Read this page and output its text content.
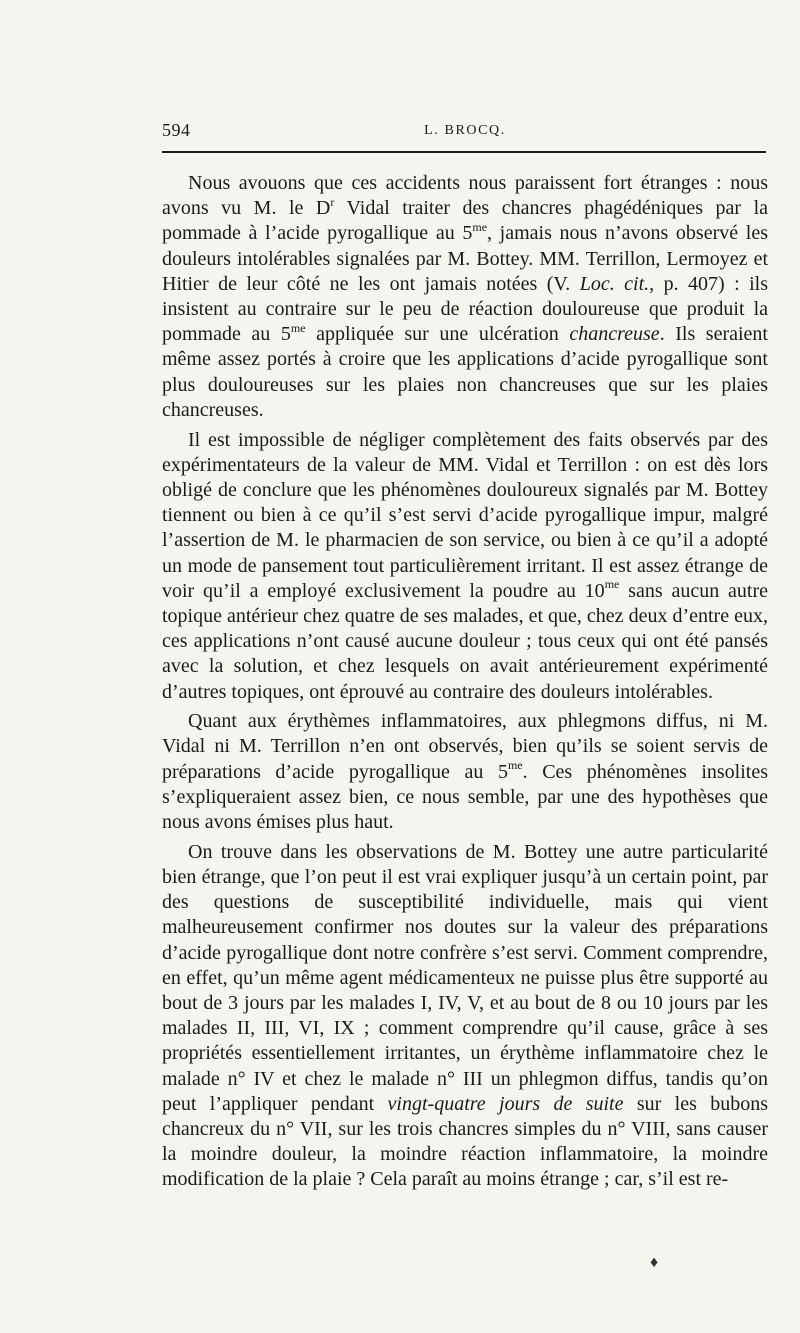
594	L. BROCQ.

Nous avouons que ces accidents nous paraissent fort étranges : nous avons vu M. le $D^r$ Vidal traiter des chancres phagédéniques par la pommade à l’acide pyrogallique au $5^{me}$, jamais nous n’avons observé les douleurs intolérables signalées par M. Bottey. MM. Terrillon, Lermoyez et Hitier de leur côté ne les ont jamais notées (V. Loc. cit., p. 407) : ils insistent au contraire sur le peu de réaction douloureuse que produit la pommade au $5^{me}$ appliquée sur une ulcération chancreuse. Ils seraient même assez portés à croire que les applications d’acide pyrogallique sont plus douloureuses sur les plaies non chancreuses que sur les plaies chancreuses.

Il est impossible de négliger complètement des faits observés par des expérimentateurs de la valeur de MM. Vidal et Terrillon : on est dès lors obligé de conclure que les phénomènes douloureux signalés par M. Bottey tiennent ou bien à ce qu’il s’est servi d’acide pyrogallique impur, malgré l’assertion de M. le pharmacien de son service, ou bien à ce qu’il a adopté un mode de pansement tout particulièrement irritant. Il est assez étrange de voir qu’il a employé exclusivement la poudre au $10^{me}$ sans aucun autre topique antérieur chez quatre de ses malades, et que, chez deux d’entre eux, ces applications n’ont causé aucune douleur ; tous ceux qui ont été pansés avec la solution, et chez lesquels on avait antérieurement expérimenté d’autres topiques, ont éprouvé au contraire des douleurs intolérables.

Quant aux érythèmes inflammatoires, aux phlegmons diffus, ni M. Vidal ni M. Terrillon n’en ont observés, bien qu’ils se soient servis de préparations d’acide pyrogallique au $5^{me}$. Ces phénomènes insolites s’expliqueraient assez bien, ce nous semble, par une des hypothèses que nous avons émises plus haut.

On trouve dans les observations de M. Bottey une autre particularité bien étrange, que l’on peut il est vrai expliquer jusqu’à un certain point, par des questions de susceptibilité individuelle, mais qui vient malheureusement confirmer nos doutes sur la valeur des préparations d’acide pyrogallique dont notre confrère s’est servi. Comment comprendre, en effet, qu’un même agent médicamenteux ne puisse plus être supporté au bout de 3 jours par les malades I, IV, V, et au bout de 8 ou 10 jours par les malades II, III, VI, IX ; comment comprendre qu’il cause, grâce à ses propriétés essentiellement irritantes, un érythème inflammatoire chez le malade n° IV et chez le malade n° III un phlegmon diffus, tandis qu’on peut l’appliquer pendant vingt-quatre jours de suite sur les bubons chancreux du n° VII, sur les trois chancres simples du n° VIII, sans causer la moindre douleur, la moindre réaction inflammatoire, la moindre modification de la plaie ? Cela paraît au moins étrange ; car, s’il est re-

♦
